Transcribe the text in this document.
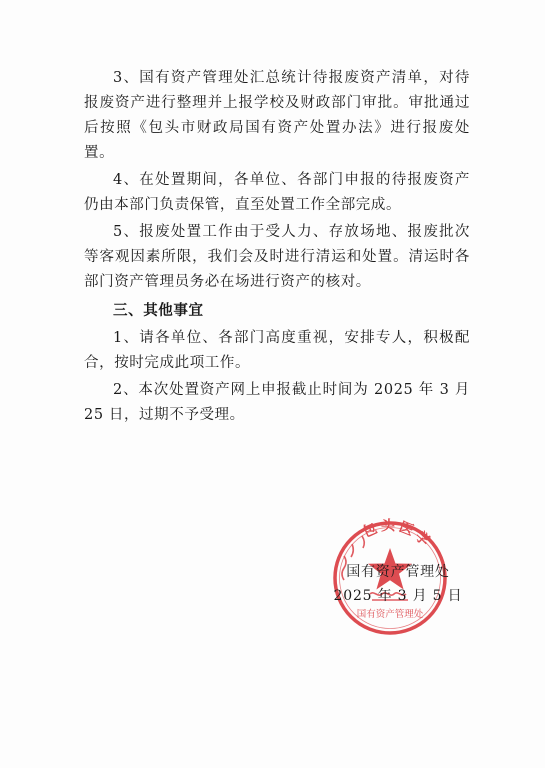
3、国有资产管理处汇总统计待报废资产清单，对待报废资产进行整理并上报学校及财政部门审批。审批通过后按照《包头市财政局国有资产处置办法》进行报废处置。

4、在处置期间，各单位、各部门申报的待报废资产仍由本部门负责保管，直至处置工作全部完成。

5、报废处置工作由于受人力、存放场地、报废批次等客观因素所限，我们会及时进行清运和处置。清运时各部门资产管理员务必在场进行资产的核对。

三、其他事宜

1、请各单位、各部门高度重视，安排专人，积极配合，按时完成此项工作。

2、本次处置资产网上申报截止时间为 2025 年 3 月 25 日，过期不予受理。

包头医学
国有资产管理处
国有资产管理处
2025 年 3 月 5 日
